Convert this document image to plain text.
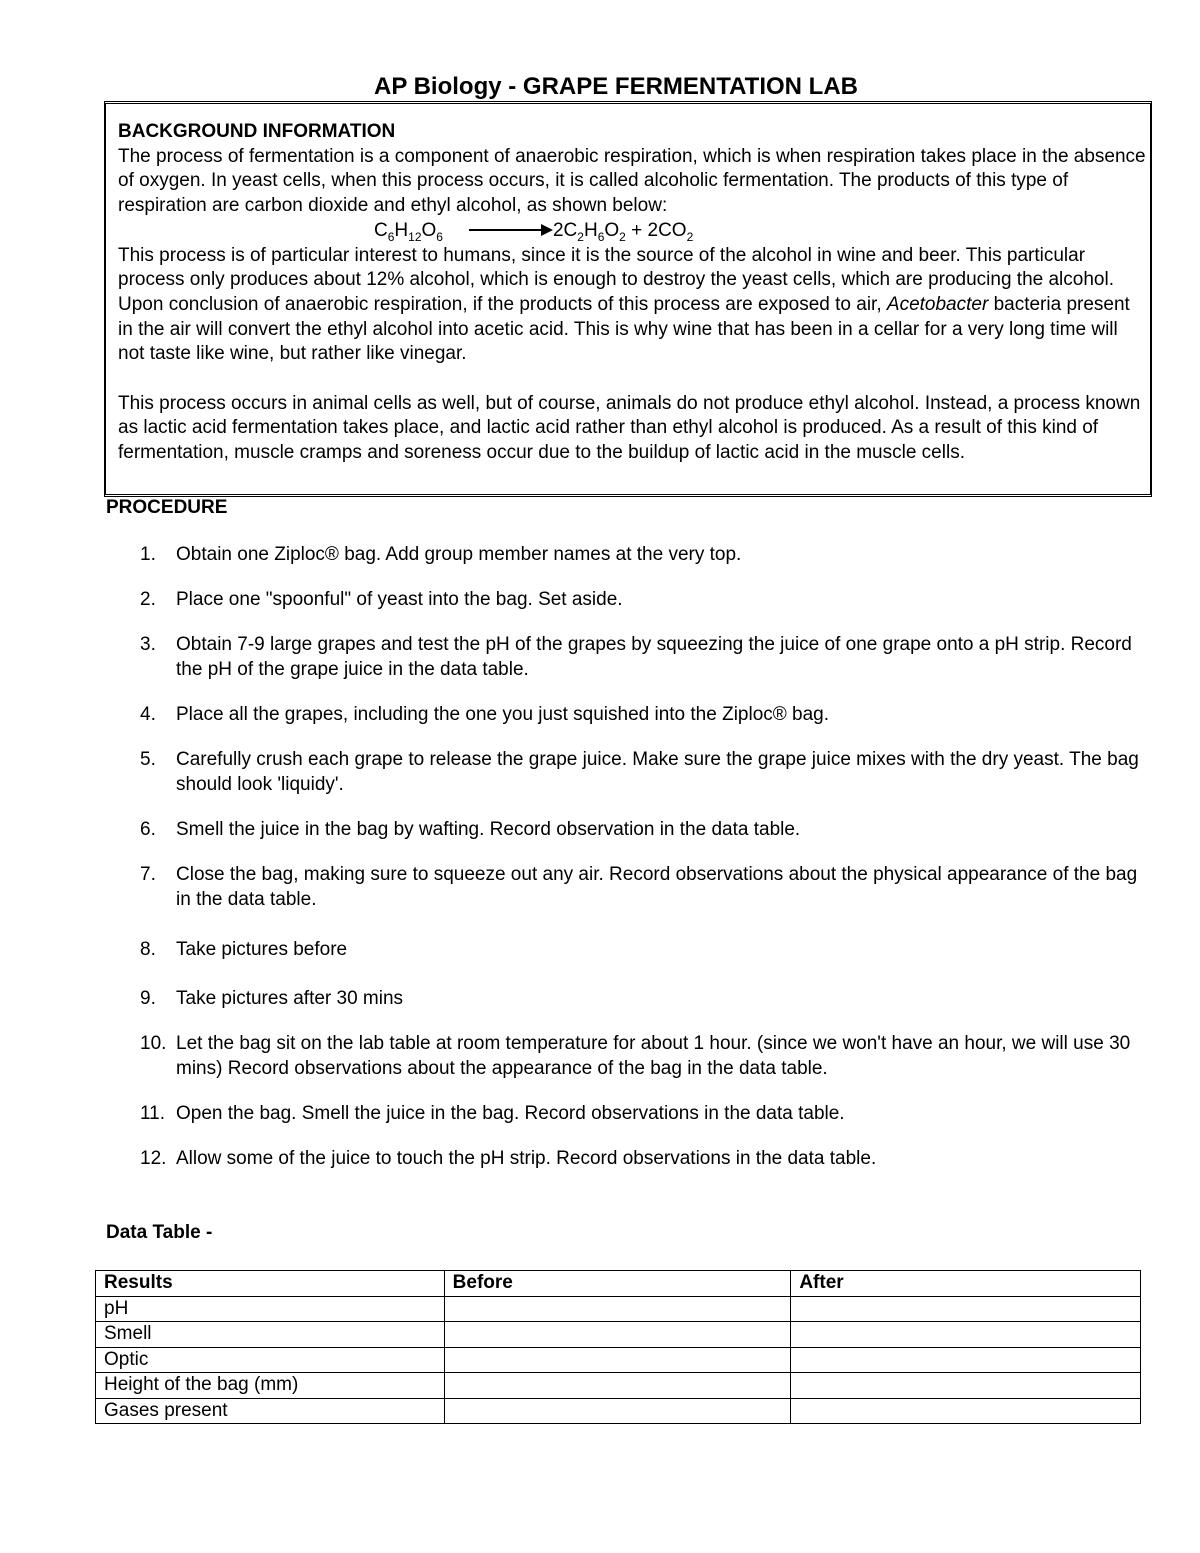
AP Biology - GRAPE FERMENTATION LAB
BACKGROUND INFORMATION
The process of fermentation is a component of anaerobic respiration, which is when respiration takes place in the absence of oxygen. In yeast cells, when this process occurs, it is called alcoholic fermentation. The products of this type of respiration are carbon dioxide and ethyl alcohol, as shown below:
$C_6H_{12}O_6$	$2C_2H_6O_2 + 2CO_2$
This process is of particular interest to humans, since it is the source of the alcohol in wine and beer. This particular process only produces about 12% alcohol, which is enough to destroy the yeast cells, which are producing the alcohol. Upon conclusion of anaerobic respiration, if the products of this process are exposed to air, Acetobacter bacteria present in the air will convert the ethyl alcohol into acetic acid. This is why wine that has been in a cellar for a very long time will not taste like wine, but rather like vinegar.
This process occurs in animal cells as well, but of course, animals do not produce ethyl alcohol. Instead, a process known as lactic acid fermentation takes place, and lactic acid rather than ethyl alcohol is produced. As a result of this kind of fermentation, muscle cramps and soreness occur due to the buildup of lactic acid in the muscle cells.
PROCEDURE
1. Obtain one Ziploc® bag. Add group member names at the very top.
2. Place one "spoonful" of yeast into the bag. Set aside.
3. Obtain 7-9 large grapes and test the pH of the grapes by squeezing the juice of one grape onto a pH strip. Record the pH of the grape juice in the data table.
4. Place all the grapes, including the one you just squished into the Ziploc® bag.
5. Carefully crush each grape to release the grape juice. Make sure the grape juice mixes with the dry yeast. The bag should look 'liquidy'.
6. Smell the juice in the bag by wafting. Record observation in the data table.
7. Close the bag, making sure to squeeze out any air. Record observations about the physical appearance of the bag in the data table.
8. Take pictures before
9. Take pictures after 30 mins
10. Let the bag sit on the lab table at room temperature for about 1 hour. (since we won't have an hour, we will use 30 mins) Record observations about the appearance of the bag in the data table.
11. Open the bag. Smell the juice in the bag. Record observations in the data table.
12. Allow some of the juice to touch the pH strip. Record observations in the data table.
Data Table -
Results	Before	After
pH		
Smell		
Optic		
Height of the bag (mm)		
Gases present		
